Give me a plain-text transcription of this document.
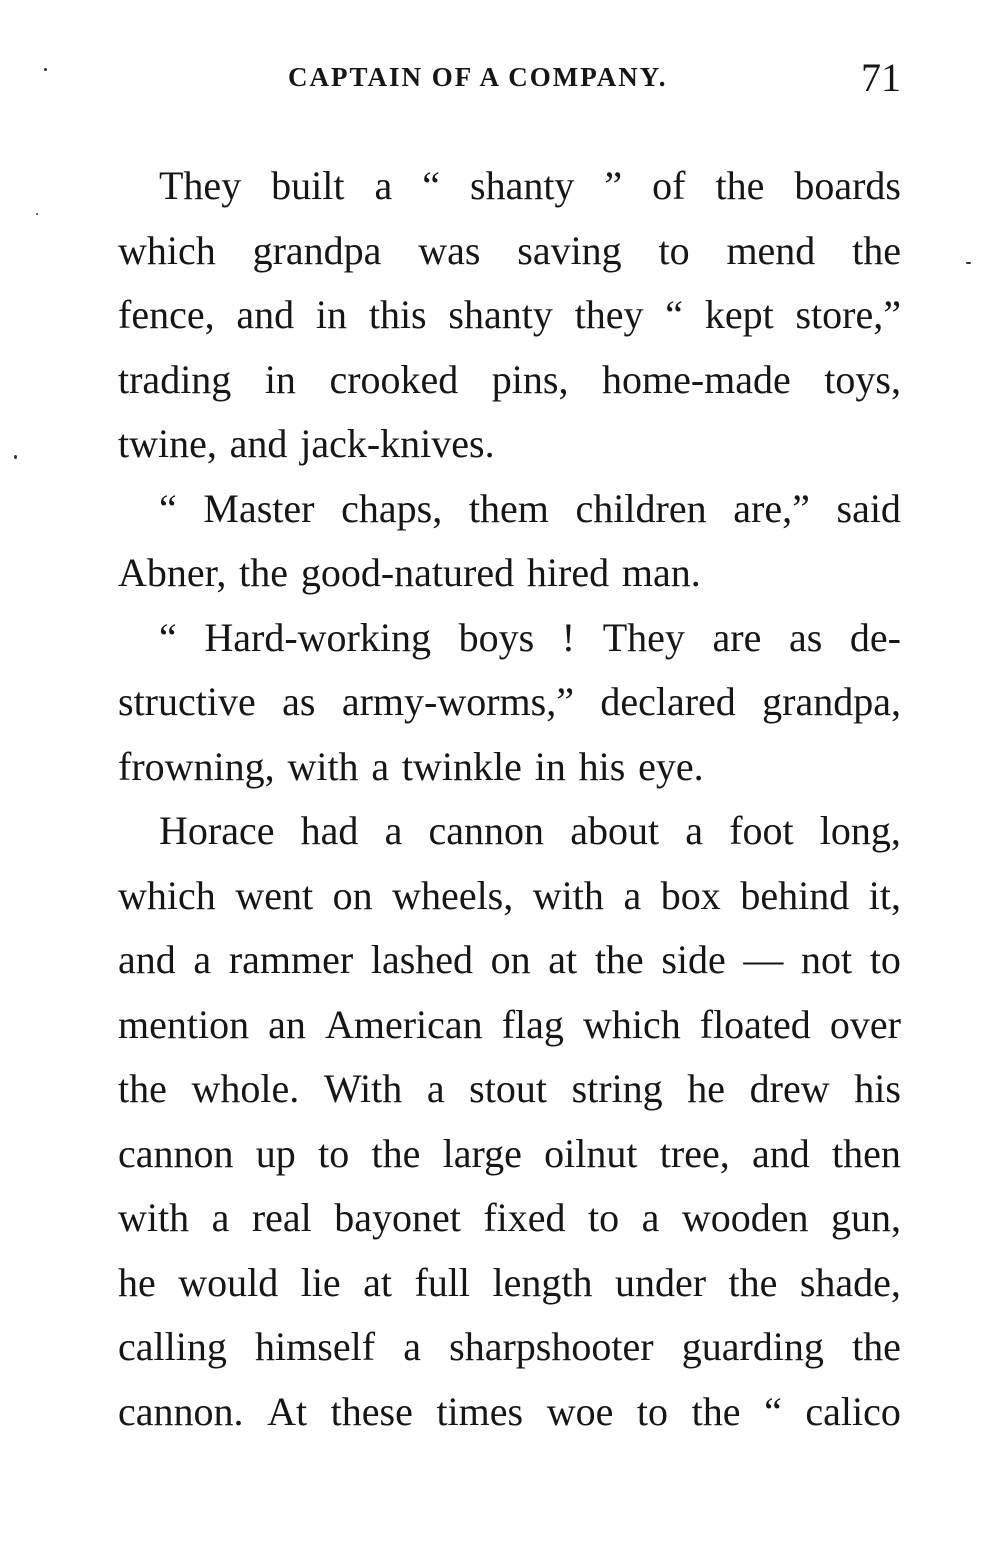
CAPTAIN OF A COMPANY.	71
They built a “ shanty ” of the boards
which grandpa was saving to mend the
fence, and in this shanty they “ kept store,”
trading in crooked pins, home-made toys,
twine, and jack-knives.
“ Master chaps, them children are,” said
Abner, the good-natured hired man.
“ Hard-working boys ! They are as de-
structive as army-worms,” declared grandpa,
frowning, with a twinkle in his eye.
Horace had a cannon about a foot long,
which went on wheels, with a box behind it,
and a rammer lashed on at the side — not to
mention an American flag which floated over
the whole. With a stout string he drew his
cannon up to the large oilnut tree, and then
with a real bayonet fixed to a wooden gun,
he would lie at full length under the shade,
calling himself a sharpshooter guarding the
cannon. At these times woe to the “ calico
